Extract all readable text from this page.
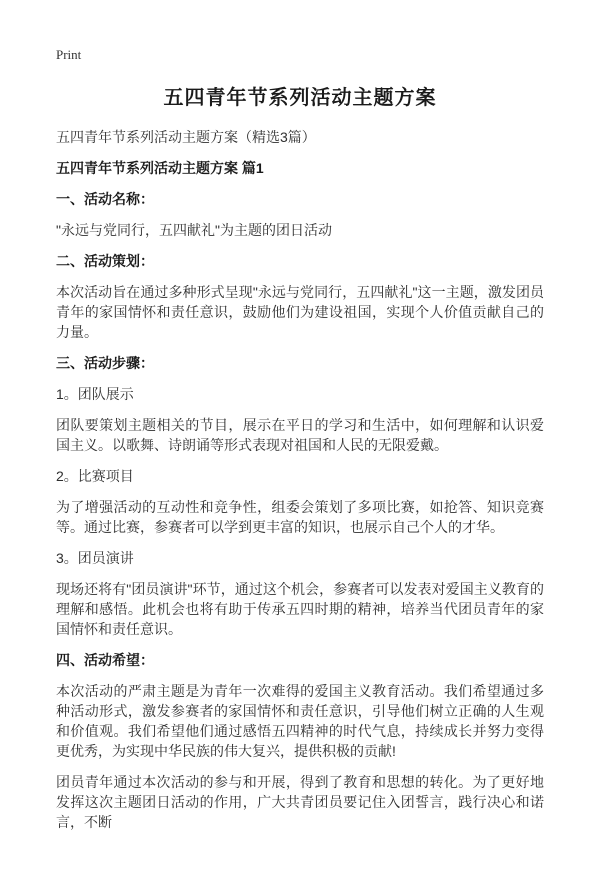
Print
五四青年节系列活动主题方案
五四青年节系列活动主题方案（精选3篇）
五四青年节系列活动主题方案 篇1
一、活动名称：
"永远与党同行，五四献礼"为主题的团日活动
二、活动策划：
本次活动旨在通过多种形式呈现"永远与党同行，五四献礼"这一主题，激发团员青年的家国情怀和责任意识，鼓励他们为建设祖国，实现个人价值贡献自己的力量。
三、活动步骤：
1。团队展示
团队要策划主题相关的节目，展示在平日的学习和生活中，如何理解和认识爱国主义。以歌舞、诗朗诵等形式表现对祖国和人民的无限爱戴。
2。比赛项目
为了增强活动的互动性和竞争性，组委会策划了多项比赛，如抢答、知识竞赛等。通过比赛，参赛者可以学到更丰富的知识，也展示自己个人的才华。
3。团员演讲
现场还将有"团员演讲"环节，通过这个机会，参赛者可以发表对爱国主义教育的理解和感悟。此机会也将有助于传承五四时期的精神，培养当代团员青年的家国情怀和责任意识。
四、活动希望：
本次活动的严肃主题是为青年一次难得的爱国主义教育活动。我们希望通过多种活动形式，激发参赛者的家国情怀和责任意识，引导他们树立正确的人生观和价值观。我们希望他们通过感悟五四精神的时代气息，持续成长并努力变得更优秀，为实现中华民族的伟大复兴，提供积极的贡献!
团员青年通过本次活动的参与和开展，得到了教育和思想的转化。为了更好地发挥这次主题团日活动的作用，广大共青团员要记住入团誓言，践行决心和诺言，不断
